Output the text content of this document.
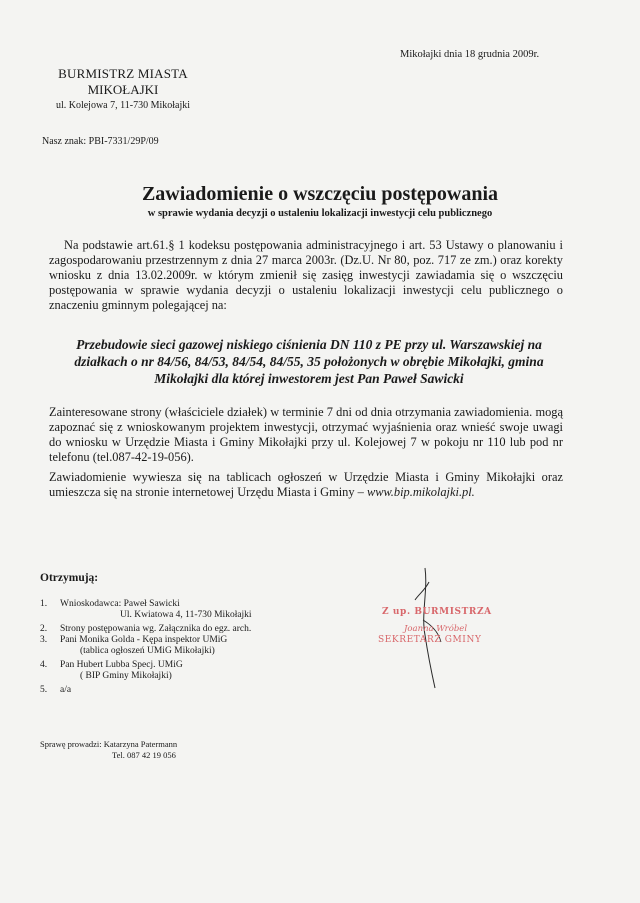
Mikołajki dnia 18 grudnia 2009r.
BURMISTRZ MIASTA
MIKOŁAJKI
ul. Kolejowa 7, 11-730 Mikołajki
Nasz znak: PBI-7331/29P/09
Zawiadomienie o wszczęciu postępowania
w sprawie wydania decyzji o ustaleniu lokalizacji inwestycji celu publicznego
Na podstawie art.61.§ 1 kodeksu postępowania administracyjnego i art. 53 Ustawy o planowaniu i zagospodarowaniu przestrzennym z dnia 27 marca 2003r. (Dz.U. Nr 80, poz. 717 ze zm.) oraz korekty wniosku z dnia 13.02.2009r. w którym zmienił się zasięg inwestycji zawiadamia się o wszczęciu postępowania w sprawie wydania decyzji o ustaleniu lokalizacji inwestycji celu publicznego o znaczeniu gminnym polegającej na:
Przebudowie sieci gazowej niskiego ciśnienia DN 110 z PE przy ul. Warszawskiej na działkach o nr 84/56, 84/53, 84/54, 84/55, 35 położonych w obrębie Mikołajki, gmina Mikołajki dla której inwestorem jest Pan Paweł Sawicki
Zainteresowane strony (właściciele działek) w terminie 7 dni od dnia otrzymania zawiadomienia. mogą zapoznać się z wnioskowanym projektem inwestycji, otrzymać wyjaśnienia oraz wnieść swoje uwagi do wniosku w Urzędzie Miasta i Gminy Mikołajki przy ul. Kolejowej 7 w pokoju nr 110 lub pod nr telefonu (tel.087-42-19-056).
Zawiadomienie wywiesza się na tablicach ogłoszeń w Urzędzie Miasta i Gminy Mikołajki oraz umieszcza się na stronie internetowej Urzędu Miasta i Gminy – www.bip.mikolajki.pl.
Otrzymują:
1.	Wnioskodawca: Paweł Sawicki
Ul. Kwiatowa 4, 11-730 Mikołajki
2.	Strony postępowania wg. Załącznika do egz. arch.
3.	Pani Monika Golda - Kępa inspektor UMiG
(tablica ogłoszeń UMiG Mikołajki)
4.	Pan Hubert Lubba Specj. UMiG
( BIP Gminy Mikołajki)
5.	a/a
Sprawę prowadzi: Katarzyna Patermann
Tel. 087 42 19 056
Z up. BURMISTRZA
Joanna Wróbel
SEKRETARZ GMINY
